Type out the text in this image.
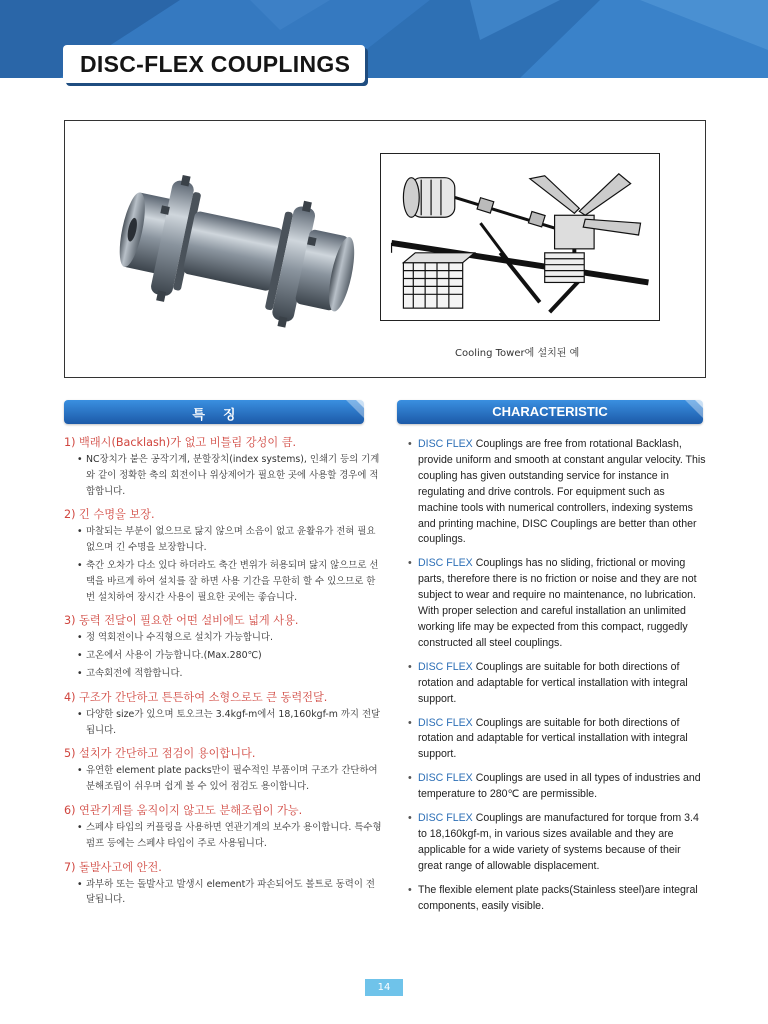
DISC-FLEX COUPLINGS
Cooling Tower에 설치된 예
특     징	CHARACTERISTIC
1) 백래시(Backlash)가 없고 비틀림 강성이 큼.
• NC장치가 붙은 공작기계, 분할장치(index systems), 인쇄기 등의 기계와 같이 정확한 축의 회전이나 위상제어가 필요한 곳에 사용할 경우에 적합합니다.
2) 긴 수명을 보장.
• 마찰되는 부분이 없으므로 닳지 않으며 소음이 없고 윤활유가 전혀 필요 없으며 긴 수명을 보장합니다.
• 축간 오차가 다소 있다 하더라도 축간 변위가 허용되며 닳지 않으므로 선택을 바르게 하여 설치를 잘 하면 사용 기간을 무한히 할 수 있으므로 한 번 설치하여 장시간 사용이 필요한 곳에는 좋습니다.
3) 동력 전달이 필요한 어떤 설비에도 넓게 사용.
• 정 역회전이나 수직형으로 설치가 가능합니다.
• 고온에서 사용이 가능합니다.(Max.280℃)
• 고속회전에 적합합니다.
4) 구조가 간단하고 튼튼하여 소형으로도 큰 동력전달.
• 다양한 size가 있으며 토오크는 3.4kgf-m에서 18,160kgf-m 까지 전달됩니다.
5) 설치가 간단하고 점검이 용이합니다.
• 유연한 element plate packs만이 필수적인 부품이며 구조가 간단하여 분해조립이 쉬우며 쉽게 볼 수 있어 점검도 용이합니다.
6) 연관기계를 움직이지 않고도 분해조립이 가능.
• 스페샤 타입의 커플링을 사용하면 연관기계의 보수가 용이합니다. 특수형 펌프 등에는 스페샤 타입이 주로 사용됩니다.
7) 돌발사고에 안전.
• 과부하 또는 돌발사고 발생시 element가 파손되어도 볼트로 동력이 전달됩니다.
• DISC FLEX Couplings are free from rotational Backlash, provide uniform and smooth at constant angular velocity. This coupling has given outstanding service for instance in regulating and drive controls. For equipment such as machine tools with numerical controllers, indexing systems and printing machine, DISC Couplings are better than other couplings.
• DISC FLEX Couplings has no sliding, frictional or moving parts, therefore there is no friction or noise and they are not subject to wear and require no maintenance, no lubrication. With proper selection and careful installation an unlimited working life may be expected from this compact, ruggedly constructed all steel couplings.
• DISC FLEX Couplings are suitable for both directions of rotation and adaptable for vertical installation with integral support.
• DISC FLEX Couplings are suitable for both directions of rotation and adaptable for vertical installation with integral support.
• DISC FLEX Couplings are used in all types of industries and temperature to 280℃ are permissible.
• DISC FLEX Couplings are manufactured for torque from 3.4 to 18,160kgf-m, in various sizes available and they are applicable for a wide variety of systems because of their great range of allowable displacement.
• The flexible element plate packs(Stainless steel)are integral components, easily visible.
14
